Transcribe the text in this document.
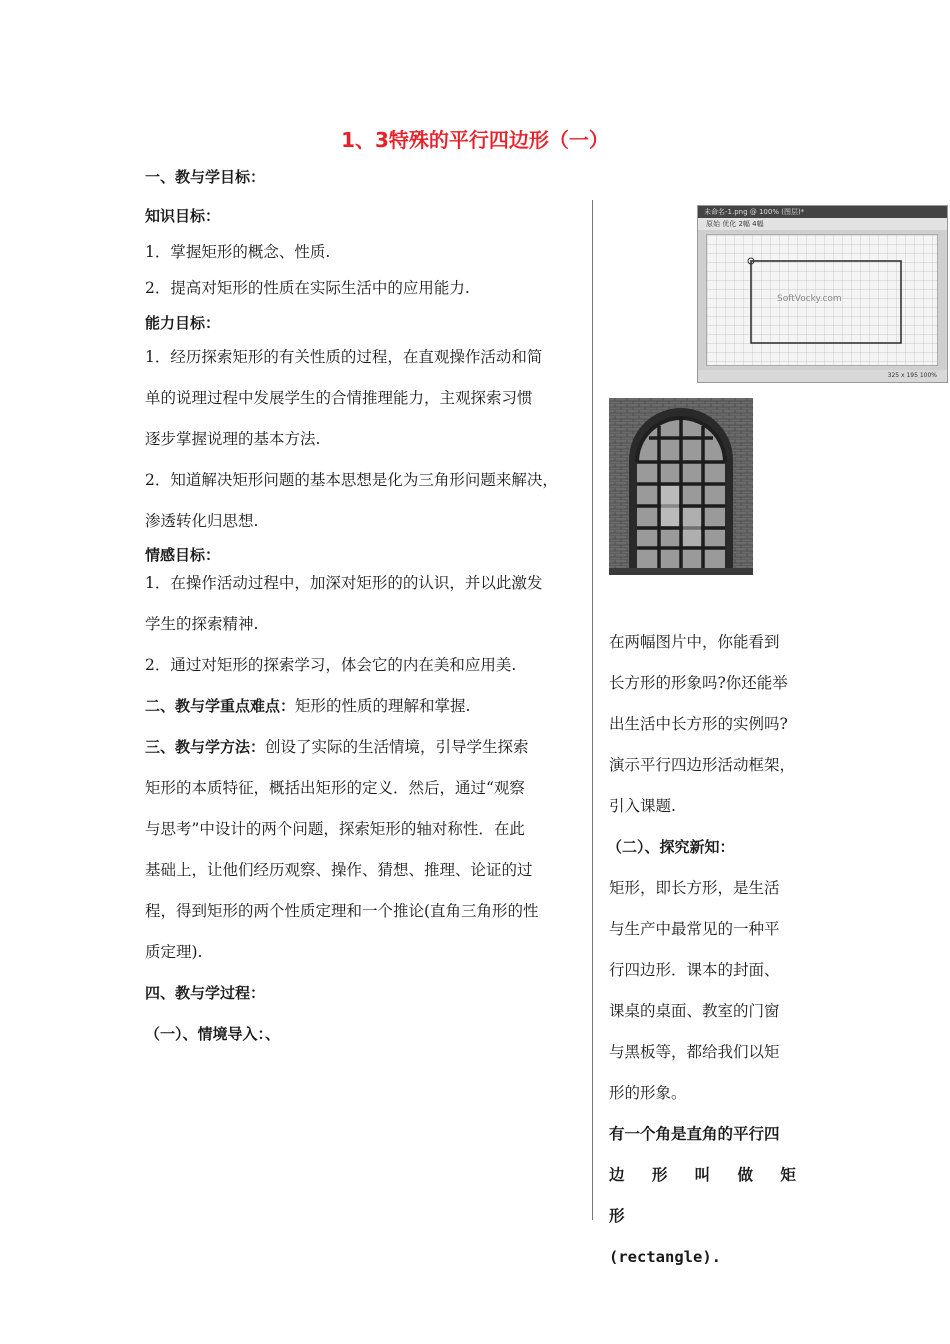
1、3特殊的平行四边形（一）

一、教与学目标：

知识目标：

1．掌握矩形的概念、性质.

2．提高对矩形的性质在实际生活中的应用能力.

能力目标：

1．经历探索矩形的有关性质的过程，在直观操作活动和简

单的说理过程中发展学生的合情推理能力，主观探索习惯

逐步掌握说理的基本方法.

2．知道解决矩形问题的基本思想是化为三角形问题来解决，

渗透转化归思想.

情感目标：

1．在操作活动过程中，加深对矩形的的认识，并以此激发

学生的探索精神.

2．通过对矩形的探索学习，体会它的内在美和应用美.

二、教与学重点难点：矩形的性质的理解和掌握.

三、教与学方法：创设了实际的生活情境，引导学生探索

矩形的本质特征，概括出矩形的定义．然后，通过“观察

与思考”中设计的两个问题，探索矩形的轴对称性．在此

基础上，让他们经历观察、操作、猜想、推理、论证的过

程，得到矩形的两个性质定理和一个推论(直角三角形的性

质定理).

四、教与学过程：

（一）、情境导入：、

未命名-1.png @ 100% (图层)*
原始 优化 2幅 4幅
SoftVocky.com
325 x 195 100%

在两幅图片中，你能看到

长方形的形象吗?你还能举

出生活中长方形的实例吗?

演示平行四边形活动框架，

引入课题.

（二）、探究新知：

矩形，即长方形，是生活

与生产中最常见的一种平

行四边形．课本的封面、

课桌的桌面、教室的门窗

与黑板等，都给我们以矩

形的形象。

有一个角是直角的平行四

边 形 叫 做 矩 形

(rectangle).
